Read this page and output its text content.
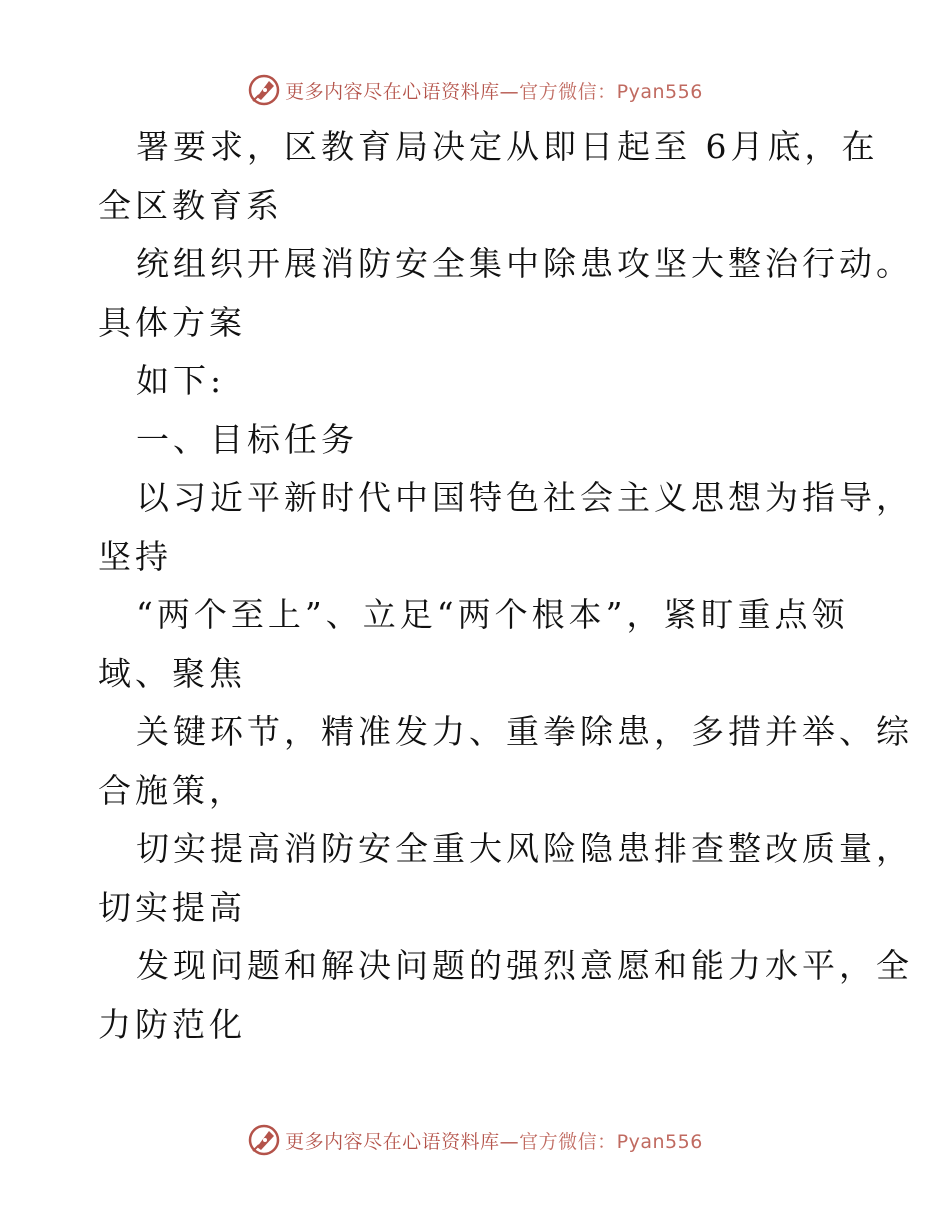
更多内容尽在心语资料库—官方微信：Pyan556
署要求，区教育局决定从即日起至 6月底，在
全区教育系
统组织开展消防安全集中除患攻坚大整治行动。
具体方案
如下:
一、目标任务
以习近平新时代中国特色社会主义思想为指导，
坚持
“两个至上”、立足“两个根本”，紧盯重点领
域、聚焦
关键环节，精准发力、重拳除患，多措并举、综
合施策，
切实提高消防安全重大风险隐患排查整改质量，
切实提高
发现问题和解决问题的强烈意愿和能力水平，全
力防范化
更多内容尽在心语资料库—官方微信：Pyan556
